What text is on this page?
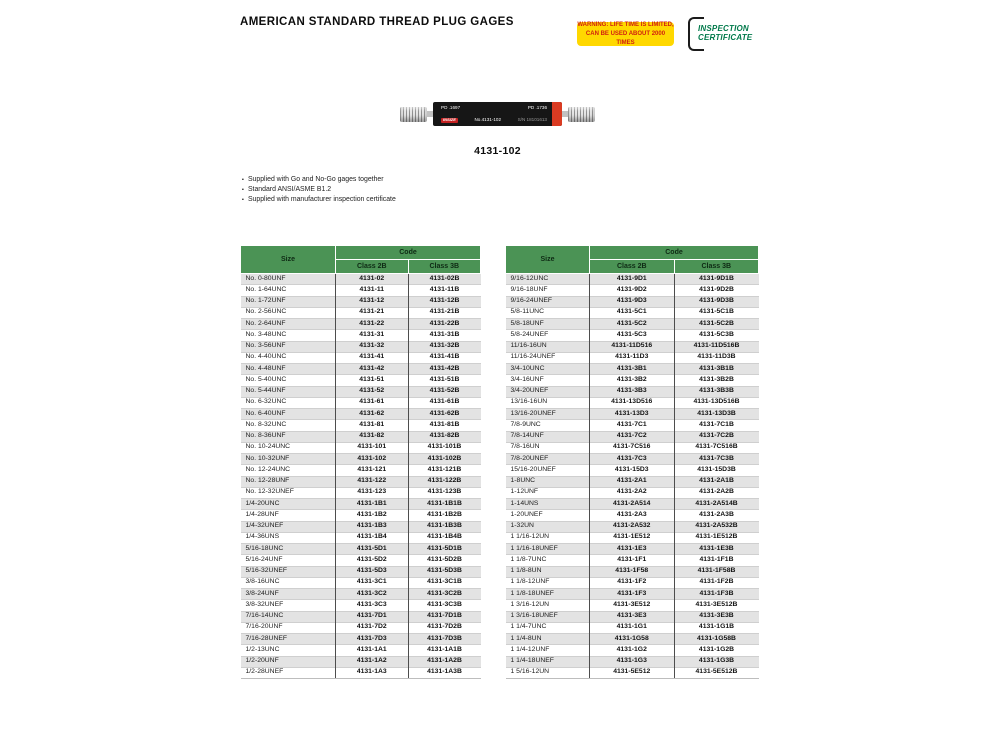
AMERICAN STANDARD THREAD PLUG GAGES	WARNING: LIFE TIME IS LIMITED,
CAN BE USED ABOUT 2000 TIMES
INSPECTION
CERTIFICATE
PD .1697	PD .1736
INSIZE	No.4131-102	S/N 18101613
4131-102
▪ Supplied with Go and No-Go gages together
▪ Standard ANSI/ASME B1.2
▪ Supplied with manufacturer inspection certificate
Size	Code	
	Class 2B	Class 3B
No. 0-80UNF	4131-02	4131-02B
No. 1-64UNC	4131-11	4131-11B
No. 1-72UNF	4131-12	4131-12B
No. 2-56UNC	4131-21	4131-21B
No. 2-64UNF	4131-22	4131-22B
No. 3-48UNC	4131-31	4131-31B
No. 3-56UNF	4131-32	4131-32B
No. 4-40UNC	4131-41	4131-41B
No. 4-48UNF	4131-42	4131-42B
No. 5-40UNC	4131-51	4131-51B
No. 5-44UNF	4131-52	4131-52B
No. 6-32UNC	4131-61	4131-61B
No. 6-40UNF	4131-62	4131-62B
No. 8-32UNC	4131-81	4131-81B
No. 8-36UNF	4131-82	4131-82B
No. 10-24UNC	4131-101	4131-101B
No. 10-32UNF	4131-102	4131-102B
No. 12-24UNC	4131-121	4131-121B
No. 12-28UNF	4131-122	4131-122B
No. 12-32UNEF	4131-123	4131-123B
1/4-20UNC	4131-1B1	4131-1B1B
1/4-28UNF	4131-1B2	4131-1B2B
1/4-32UNEF	4131-1B3	4131-1B3B
1/4-36UNS	4131-1B4	4131-1B4B
5/16-18UNC	4131-5D1	4131-5D1B
5/16-24UNF	4131-5D2	4131-5D2B
5/16-32UNEF	4131-5D3	4131-5D3B
3/8-16UNC	4131-3C1	4131-3C1B
3/8-24UNF	4131-3C2	4131-3C2B
3/8-32UNEF	4131-3C3	4131-3C3B
7/16-14UNC	4131-7D1	4131-7D1B
7/16-20UNF	4131-7D2	4131-7D2B
7/16-28UNEF	4131-7D3	4131-7D3B
1/2-13UNC	4131-1A1	4131-1A1B
1/2-20UNF	4131-1A2	4131-1A2B
1/2-28UNEF	4131-1A3	4131-1A3B
Size	Code	
	Class 2B	Class 3B
9/16-12UNC	4131-9D1	4131-9D1B
9/16-18UNF	4131-9D2	4131-9D2B
9/16-24UNEF	4131-9D3	4131-9D3B
5/8-11UNC	4131-5C1	4131-5C1B
5/8-18UNF	4131-5C2	4131-5C2B
5/8-24UNEF	4131-5C3	4131-5C3B
11/16-16UN	4131-11D516	4131-11D516B
11/16-24UNEF	4131-11D3	4131-11D3B
3/4-10UNC	4131-3B1	4131-3B1B
3/4-16UNF	4131-3B2	4131-3B2B
3/4-20UNEF	4131-3B3	4131-3B3B
13/16-16UN	4131-13D516	4131-13D516B
13/16-20UNEF	4131-13D3	4131-13D3B
7/8-9UNC	4131-7C1	4131-7C1B
7/8-14UNF	4131-7C2	4131-7C2B
7/8-16UN	4131-7C516	4131-7C516B
7/8-20UNEF	4131-7C3	4131-7C3B
15/16-20UNEF	4131-15D3	4131-15D3B
1-8UNC	4131-2A1	4131-2A1B
1-12UNF	4131-2A2	4131-2A2B
1-14UNS	4131-2A514	4131-2A514B
1-20UNEF	4131-2A3	4131-2A3B
1-32UN	4131-2A532	4131-2A532B
1 1/16-12UN	4131-1E512	4131-1E512B
1 1/16-18UNEF	4131-1E3	4131-1E3B
1 1/8-7UNC	4131-1F1	4131-1F1B
1 1/8-8UN	4131-1F58	4131-1F58B
1 1/8-12UNF	4131-1F2	4131-1F2B
1 1/8-18UNEF	4131-1F3	4131-1F3B
1 3/16-12UN	4131-3E512	4131-3E512B
1 3/16-18UNEF	4131-3E3	4131-3E3B
1 1/4-7UNC	4131-1G1	4131-1G1B
1 1/4-8UN	4131-1G58	4131-1G58B
1 1/4-12UNF	4131-1G2	4131-1G2B
1 1/4-18UNEF	4131-1G3	4131-1G3B
1 5/16-12UN	4131-5E512	4131-5E512B
